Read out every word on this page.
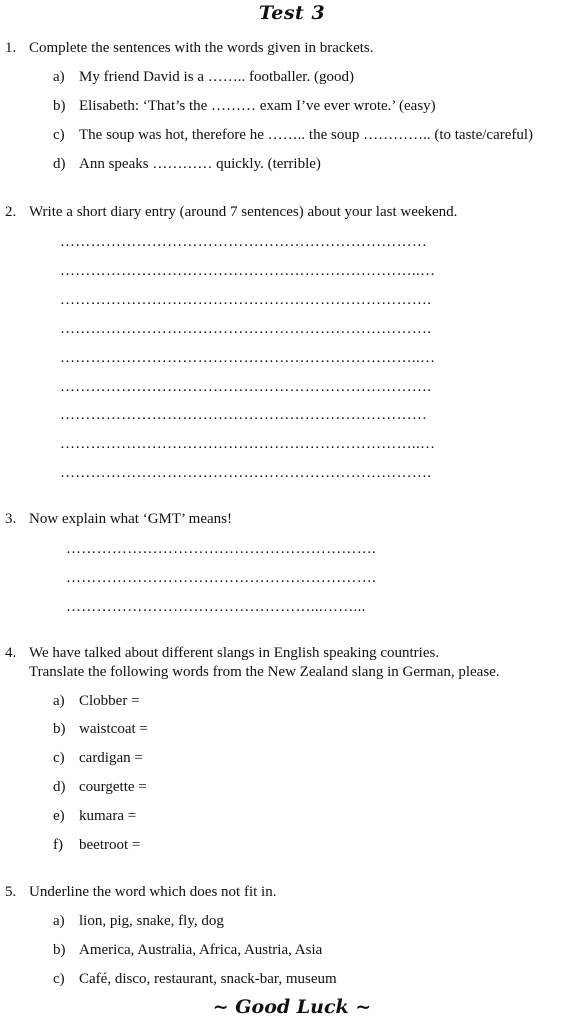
Test 3
1. Complete the sentences with the words given in brackets.
a) My friend David is a …….. footballer. (good)
b) Elisabeth: ‘That’s the ……… exam I’ve ever wrote.’ (easy)
c) The soup was hot, therefore he …….. the soup ………….. (to taste/careful)
d) Ann speaks ………… quickly. (terrible)
2. Write a short diary entry (around 7 sentences) about your last weekend.
………………………………………………………………
……………………………………………………………..…
……………………………………………………………….
……………………………………………………………….
……………………………………………………………..…
……………………………………………………………….
………………………………………………………………
……………………………………………………………..…
……………………………………………………………….
3. Now explain what ‘GMT’ means!
…………………………………………………….
…………………………………………………….
…………………………………………...……...
4. We have talked about different slangs in English speaking countries.
Translate the following words from the New Zealand slang in German, please.
a) Clobber =
b) waistcoat =
c) cardigan =
d) courgette =
e) kumara =
f) beetroot =
5. Underline the word which does not fit in.
a) lion, pig, snake, fly, dog
b) America, Australia, Africa, Austria, Asia
c) Café, disco, restaurant, snack-bar, museum
~ Good Luck ~
